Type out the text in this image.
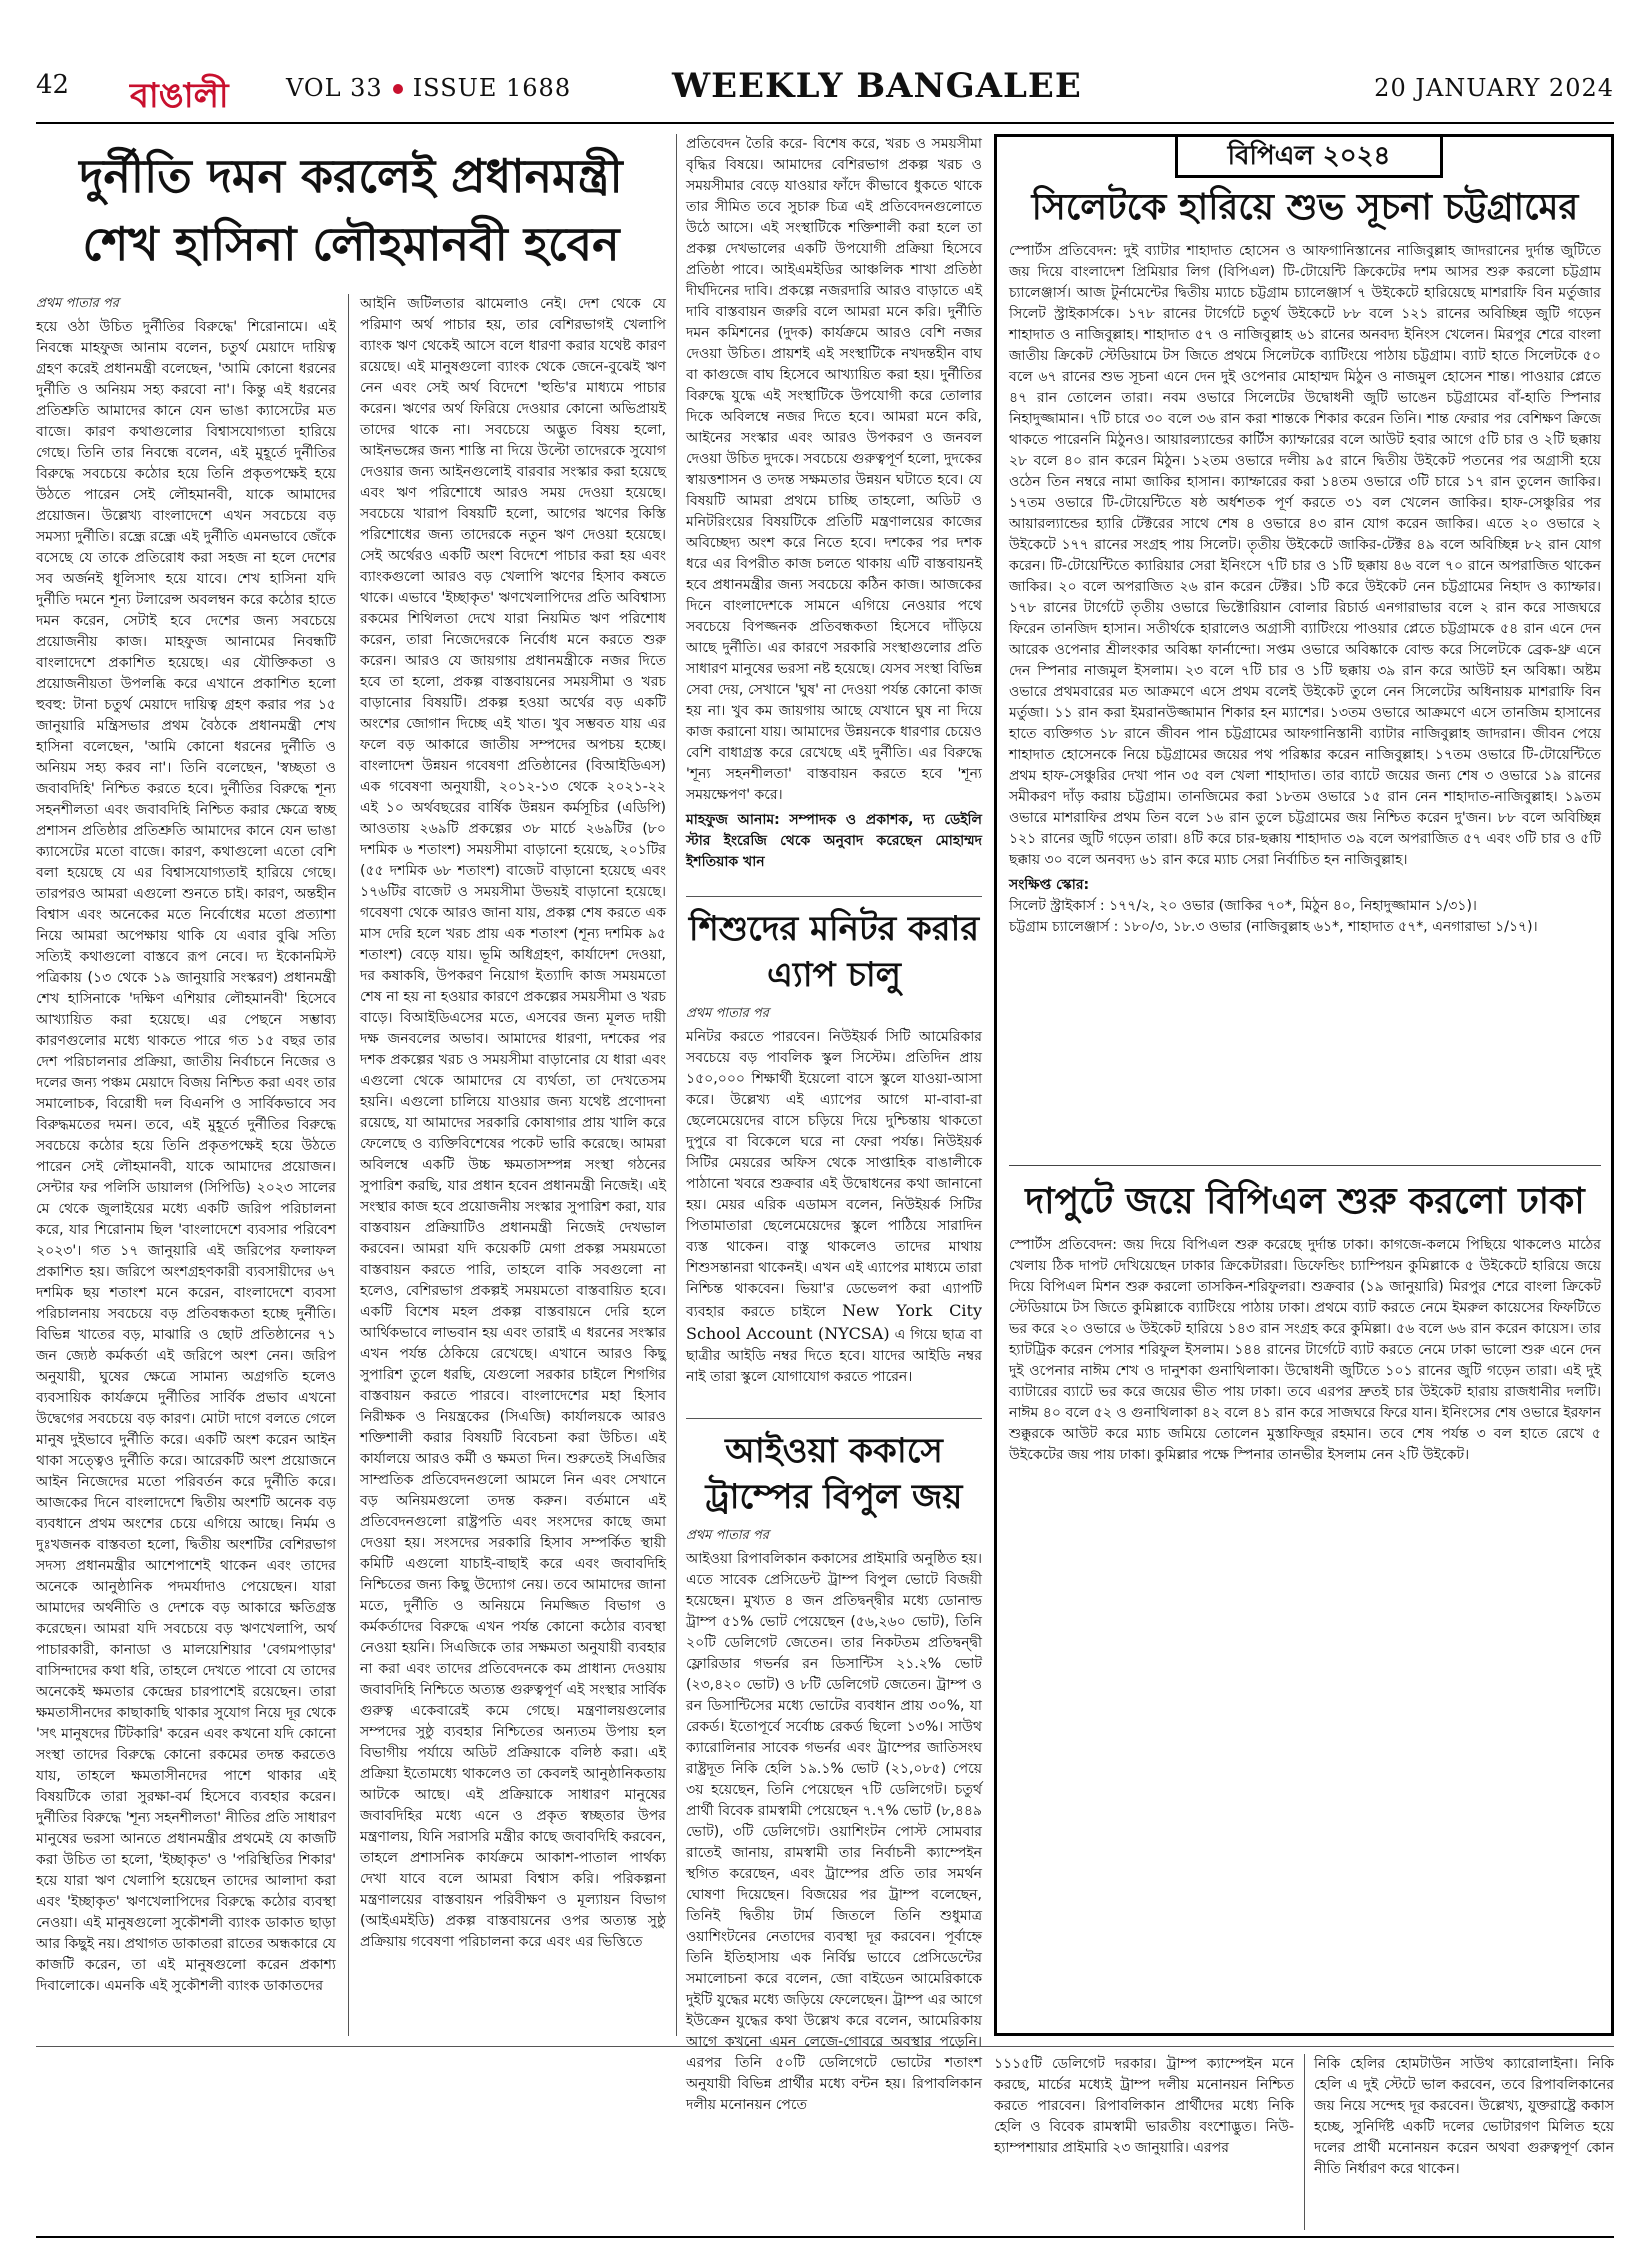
42 বাঙালী VOL 33 ISSUE 1688	WEEKLY BANGALEE	20 JANUARY 2024
দুর্নীতি দমন করলেই প্রধানমন্ত্রী শেখ হাসিনা লৌহমানবী হবেন

প্রথম পাতার পর

হয়ে ওঠা উচিত দুর্নীতির বিরুদ্ধে' শিরোনামে। এই নিবন্ধে মাহফুজ আনাম বলেন, চতুর্থ মেয়াদে দায়িত্ব গ্রহণ করেই প্রধানমন্ত্রী বলেছেন, 'আমি কোনো ধরনের দুর্নীতি ও অনিয়ম সহ্য করবো না'। কিন্তু এই ধরনের প্রতিশ্রুতি আমাদের কানে যেন ভাঙা ক্যাসেটের মত বাজে। কারণ কথাগুলোর বিশ্বাসযোগ্যতা হারিয়ে গেছে। তিনি তার নিবন্ধে বলেন, এই মুহূর্তে দুর্নীতির বিরুদ্ধে সবচেয়ে কঠোর হয়ে তিনি প্রকৃতপক্ষেই হয়ে উঠতে পারেন সেই লৌহমানবী, যাকে আমাদের প্রয়োজন। উল্লেখ্য বাংলাদেশে এখন সবচেয়ে বড় সমস্যা দুর্নীতি। রন্ধ্রে রন্ধ্রে এই দুর্নীতি এমনভাবে জেঁকে বসেছে যে তাকে প্রতিরোধ করা সহজ না হলে দেশের সব অর্জনই ধূলিসাৎ হয়ে যাবে। শেখ হাসিনা যদি দুর্নীতি দমনে শূন্য টলারেন্স অবলম্বন করে কঠোর হাতে দমন করেন, সেটাই হবে দেশের জন্য সবচেয়ে প্রয়োজনীয় কাজ। মাহফুজ আনামের নিবন্ধটি বাংলাদেশে প্রকাশিত হয়েছে। এর যৌক্তিকতা ও প্রয়োজনীয়তা উপলব্ধি করে এখানে প্রকাশিত হলো হুবহু: টানা চতুর্থ মেয়াদে দায়িত্ব গ্রহণ করার পর ১৫ জানুয়ারি মন্ত্রিসভার প্রথম বৈঠকে প্রধানমন্ত্রী শেখ হাসিনা বলেছেন, 'আমি কোনো ধরনের দুর্নীতি ও অনিয়ম সহ্য করব না'। তিনি বলেছেন, 'স্বচ্ছতা ও জবাবদিহি' নিশ্চিত করতে হবে। দুর্নীতির বিরুদ্ধে শূন্য সহনশীলতা এবং জবাবদিহি নিশ্চিত করার ক্ষেত্রে স্বচ্ছ প্রশাসন প্রতিষ্ঠার প্রতিশ্রুতি আমাদের কানে যেন ভাঙা ক্যাসেটের মতো বাজে। কারণ, কথাগুলো এতো বেশি বলা হয়েছে যে এর বিশ্বাসযোগ্যতাই হারিয়ে গেছে। তারপরও আমরা এগুলো শুনতে চাই। কারণ, অন্তহীন বিশ্বাস এবং অনেকের মতে নির্বোধের মতো প্রত্যাশা নিয়ে আমরা অপেক্ষায় থাকি যে এবার বুঝি সত্যি সত্যিই কথাগুলো বাস্তবে রূপ নেবে। দ্য ইকোনমিস্ট পত্রিকায় (১৩ থেকে ১৯ জানুয়ারি সংস্করণ) প্রধানমন্ত্রী শেখ হাসিনাকে 'দক্ষিণ এশিয়ার লৌহমানবী' হিসেবে আখ্যায়িত করা হয়েছে। এর পেছনে সম্ভাব্য কারণগুলোর মধ্যে থাকতে পারে গত ১৫ বছর তার দেশ পরিচালনার প্রক্রিয়া, জাতীয় নির্বাচনে নিজের ও দলের জন্য পঞ্চম মেয়াদে বিজয় নিশ্চিত করা এবং তার সমালোচক, বিরোধী দল বিএনপি ও সার্বিকভাবে সব বিরুদ্ধমতের দমন। তবে, এই মুহূর্তে দুর্নীতির বিরুদ্ধে সবচেয়ে কঠোর হয়ে তিনি প্রকৃতপক্ষেই হয়ে উঠতে পারেন সেই লৌহমানবী, যাকে আমাদের প্রয়োজন। সেন্টার ফর পলিসি ডায়ালগ (সিপিডি) ২০২৩ সালের মে থেকে জুলাইয়ের মধ্যে একটি জরিপ পরিচালনা করে, যার শিরোনাম ছিল 'বাংলাদেশে ব্যবসার পরিবেশ ২০২৩'। গত ১৭ জানুয়ারি এই জরিপের ফলাফল প্রকাশিত হয়। জরিপে অংশগ্রহণকারী ব্যবসায়ীদের ৬৭ দশমিক ছয় শতাংশ মনে করেন, বাংলাদেশে ব্যবসা পরিচালনায় সবচেয়ে বড় প্রতিবন্ধকতা হচ্ছে দুর্নীতি। বিভিন্ন খাতের বড়, মাঝারি ও ছোট প্রতিষ্ঠানের ৭১ জন জ্যেষ্ঠ কর্মকর্তা এই জরিপে অংশ নেন। জরিপ অনুযায়ী, ঘুষের ক্ষেত্রে সামান্য অগ্রগতি হলেও ব্যবসায়িক কার্যক্রমে দুর্নীতির সার্বিক প্রভাব এখনো উদ্বেগের সবচেয়ে বড় কারণ। মোটা দাগে বলতে গেলে মানুষ দুইভাবে দুর্নীতি করে। একটি অংশ করেন আইন থাকা সত্ত্বেও দুর্নীতি করে। আরেকটি অংশ প্রয়োজনে আইন নিজেদের মতো পরিবর্তন করে দুর্নীতি করে। আজকের দিনে বাংলাদেশে দ্বিতীয় অংশটি অনেক বড় ব্যবধানে প্রথম অংশের চেয়ে এগিয়ে আছে। নির্মম ও দুঃখজনক বাস্তবতা হলো, দ্বিতীয় অংশটির বেশিরভাগ সদস্য প্রধানমন্ত্রীর আশেপাশেই থাকেন এবং তাদের অনেকে আনুষ্ঠানিক পদমর্যাদাও পেয়েছেন। যারা আমাদের অর্থনীতি ও দেশকে বড় আকারে ক্ষতিগ্রস্ত করেছেন। আমরা যদি সবচেয়ে বড় ঋণখেলাপি, অর্থ পাচারকারী, কানাডা ও মালয়েশিয়ার 'বেগমপাড়ার' বাসিন্দাদের কথা ধরি, তাহলে দেখতে পাবো যে তাদের অনেকেই ক্ষমতার কেন্দ্রের চারপাশেই রয়েছেন। তারা ক্ষমতাসীনদের কাছাকাছি থাকার সুযোগ নিয়ে দূর থেকে 'সৎ মানুষদের টিটকারি' করেন এবং কখনো যদি কোনো সংস্থা তাদের বিরুদ্ধে কোনো রকমের তদন্ত করতেও যায়, তাহলে ক্ষমতাসীনদের পাশে থাকার এই বিষয়টিকে তারা সুরক্ষা-বর্ম হিসেবে ব্যবহার করেন। দুর্নীতির বিরুদ্ধে 'শূন্য সহনশীলতা' নীতির প্রতি সাধারণ মানুষের ভরসা আনতে প্রধানমন্ত্রীর প্রথমেই যে কাজটি করা উচিত তা হলো, 'ইচ্ছাকৃত' ও 'পরিস্থিতির শিকার' হয়ে যারা ঋণ খেলাপি হয়েছেন তাদের আলাদা করা এবং 'ইচ্ছাকৃত' ঋণখেলাপিদের বিরুদ্ধে কঠোর ব্যবস্থা নেওয়া। এই মানুষগুলো সুকৌশলী ব্যাংক ডাকাত ছাড়া আর কিছুই নয়। প্রথাগত ডাকাতরা রাতের অন্ধকারে যে কাজটি করেন, তা এই মানুষগুলো করেন প্রকাশ্য দিবালোকে। এমনকি এই সুকৌশলী ব্যাংক ডাকাতদের

আইনি জটিলতার ঝামেলাও নেই। দেশ থেকে যে পরিমাণ অর্থ পাচার হয়, তার বেশিরভাগই খেলাপি ব্যাংক ঋণ থেকেই আসে বলে ধারণা করার যথেষ্ট কারণ রয়েছে। এই মানুষগুলো ব্যাংক থেকে জেনে-বুঝেই ঋণ নেন এবং সেই অর্থ বিদেশে 'হুন্ডি'র মাধ্যমে পাচার করেন। ঋণের অর্থ ফিরিয়ে দেওয়ার কোনো অভিপ্রায়ই তাদের থাকে না। সবচেয়ে অদ্ভুত বিষয় হলো, আইনভঙ্গের জন্য শাস্তি না দিয়ে উল্টো তাদেরকে সুযোগ দেওয়ার জন্য আইনগুলোই বারবার সংস্কার করা হয়েছে এবং ঋণ পরিশোধে আরও সময় দেওয়া হয়েছে। সবচেয়ে খারাপ বিষয়টি হলো, আগের ঋণের কিস্তি পরিশোধের জন্য তাদেরকে নতুন ঋণ দেওয়া হয়েছে। সেই অর্থেরও একটি অংশ বিদেশে পাচার করা হয় এবং ব্যাংকগুলো আরও বড় খেলাপি ঋণের হিসাব কষতে থাকে। এভাবে 'ইচ্ছাকৃত' ঋণখেলাপিদের প্রতি অবিশ্বাস্য রকমের শিথিলতা দেখে যারা নিয়মিত ঋণ পরিশোধ করেন, তারা নিজেদেরকে নির্বোধ মনে করতে শুরু করেন। আরও যে জায়গায় প্রধানমন্ত্রীকে নজর দিতে হবে তা হলো, প্রকল্প বাস্তবায়নের সময়সীমা ও খরচ বাড়ানোর বিষয়টি। প্রকল্প হওয়া অর্থের বড় একটি অংশের জোগান দিচ্ছে এই খাত। খুব সম্ভবত যায় এর ফলে বড় আকারে জাতীয় সম্পদের অপচয় হচ্ছে। বাংলাদেশ উন্নয়ন গবেষণা প্রতিষ্ঠানের (বিআইডিএস) এক গবেষণা অনুযায়ী, ২০১২-১৩ থেকে ২০২১-২২ এই ১০ অর্থবছরের বার্ষিক উন্নয়ন কর্মসূচির (এডিপি) আওতায় ২৬৯টি প্রকল্পের ৩৮ মার্চে ২৬৯টির (৮০ দশমিক ৬ শতাংশ) সময়সীমা বাড়ানো হয়েছে, ২০১টির (৫৫ দশমিক ৬৮ শতাংশ) বাজেট বাড়ানো হয়েছে এবং ১৭৬টির বাজেট ও সময়সীমা উভয়ই বাড়ানো হয়েছে। গবেষণা থেকে আরও জানা যায়, প্রকল্প শেষ করতে এক মাস দেরি হলে খরচ প্রায় এক শতাংশ (শূন্য দশমিক ৯৫ শতাংশ) বেড়ে যায়। ভূমি অধিগ্রহণ, কার্যাদেশ দেওয়া, দর কষাকষি, উপকরণ নিয়োগ ইত্যাদি কাজ সময়মতো শেষ না হয় না হওয়ার কারণে প্রকল্পের সময়সীমা ও খরচ বাড়ে। বিআইডিএসের মতে, এসবের জন্য মূলত দায়ী দক্ষ জনবলের অভাব। আমাদের ধারণা, দশকের পর দশক প্রকল্পের খরচ ও সময়সীমা বাড়ানোর যে ধারা এবং এগুলো থেকে আমাদের যে ব্যর্থতা, তা দেখতেসম হয়নি। এগুলো চালিয়ে যাওয়ার জন্য যথেষ্ট প্রণোদনা রয়েছে, যা আমাদের সরকারি কোষাগার প্রায় খালি করে ফেলেছে ও ব্যক্তিবিশেষের পকেট ভারি করেছে। আমরা অবিলম্বে একটি উচ্চ ক্ষমতাসম্পন্ন সংস্থা গঠনের সুপারিশ করছি, যার প্রধান হবেন প্রধানমন্ত্রী নিজেই। এই সংস্থার কাজ হবে প্রয়োজনীয় সংস্কার সুপারিশ করা, যার বাস্তবায়ন প্রক্রিয়াটিও প্রধানমন্ত্রী নিজেই দেখভাল করবেন। আমরা যদি কয়েকটি মেগা প্রকল্প সময়মতো বাস্তবায়ন করতে পারি, তাহলে বাকি সবগুলো না হলেও, বেশিরভাগ প্রকল্পই সময়মতো বাস্তবায়িত হবে। একটি বিশেষ মহল প্রকল্প বাস্তবায়নে দেরি হলে আর্থিকভাবে লাভবান হয় এবং তারাই এ ধরনের সংস্কার এখন পর্যন্ত ঠেকিয়ে রেখেছে। এখানে আরও কিছু সুপারিশ তুলে ধরছি, যেগুলো সরকার চাইলে শিগগির বাস্তবায়ন করতে পারবে। বাংলাদেশের মহা হিসাব নিরীক্ষক ও নিয়ন্ত্রকের (সিএজি) কার্যালয়কে আরও শক্তিশালী করার বিষয়টি বিবেচনা করা উচিত। এই কার্যালয়ে আরও কর্মী ও ক্ষমতা দিন। শুরুতেই সিএজির সাম্প্রতিক প্রতিবেদনগুলো আমলে নিন এবং সেখানে বড় অনিয়মগুলো তদন্ত করুন। বর্তমানে এই প্রতিবেদনগুলো রাষ্ট্রপতি এবং সংসদের কাছে জমা দেওয়া হয়। সংসদের সরকারি হিসাব সম্পর্কিত স্থায়ী কমিটি এগুলো যাচাই-বাছাই করে এবং জবাবদিহি নিশ্চিতের জন্য কিছু উদ্যোগ নেয়। তবে আমাদের জানা মতে, দুর্নীতি ও অনিয়মে নিমজ্জিত বিভাগ ও কর্মকর্তাদের বিরুদ্ধে এখন পর্যন্ত কোনো কঠোর ব্যবস্থা নেওয়া হয়নি। সিএজিকে তার সক্ষমতা অনুযায়ী ব্যবহার না করা এবং তাদের প্রতিবেদনকে কম প্রাধান্য দেওয়ায় জবাবদিহি নিশ্চিতে অত্যন্ত গুরুত্বপূর্ণ এই সংস্থার সার্বিক গুরুত্ব একেবারেই কমে গেছে। মন্ত্রণালয়গুলোর সম্পদের সুষ্ঠু ব্যবহার নিশ্চিতের অন্যতম উপায় হল বিভাগীয় পর্যায়ে অডিট প্রক্রিয়াকে বলিষ্ঠ করা। এই প্রক্রিয়া ইতোমধ্যে থাকলেও তা কেবলই আনুষ্ঠানিকতায় আটকে আছে। এই প্রক্রিয়াকে সাধারণ মানুষের জবাবদিহির মধ্যে এনে ও প্রকৃত স্বচ্ছতার উপর মন্ত্রণালয়, যিনি সরাসরি মন্ত্রীর কাছে জবাবদিহি করবেন, তাহলে প্রশাসনিক কার্যক্রমে আকাশ-পাতাল পার্থক্য দেখা যাবে বলে আমরা বিশ্বাস করি। পরিকল্পনা মন্ত্রণালয়ের বাস্তবায়ন পরিবীক্ষণ ও মূল্যায়ন বিভাগ (আইএমইডি) প্রকল্প বাস্তবায়নের ওপর অত্যন্ত সুষ্ঠু প্রক্রিয়ায় গবেষণা পরিচালনা করে এবং এর ভিত্তিতে

প্রতিবেদন তৈরি করে- বিশেষ করে, খরচ ও সময়সীমা বৃদ্ধির বিষয়ে। আমাদের বেশিরভাগ প্রকল্প খরচ ও সময়সীমার বেড়ে যাওয়ার ফাঁদে কীভাবে ধুকতে থাকে তার সীমিত তবে সুচারু চিত্র এই প্রতিবেদনগুলোতে উঠে আসে। এই সংস্থাটিকে শক্তিশালী করা হলে তা প্রকল্প দেখভালের একটি উপযোগী প্রক্রিয়া হিসেবে প্রতিষ্ঠা পাবে। আইএমইডির আঞ্চলিক শাখা প্রতিষ্ঠা দীর্ঘদিনের দাবি। প্রকল্পে নজরদারি আরও বাড়াতে এই দাবি বাস্তবায়ন জরুরি বলে আমরা মনে করি। দুর্নীতি দমন কমিশনের (দুদক) কার্যক্রমে আরও বেশি নজর দেওয়া উচিত। প্রায়শই এই সংস্থাটিকে নখদন্তহীন বাঘ বা কাগুজে বাঘ হিসেবে আখ্যায়িত করা হয়। দুর্নীতির বিরুদ্ধে যুদ্ধে এই সংস্থাটিকে উপযোগী করে তোলার দিকে অবিলম্বে নজর দিতে হবে। আমরা মনে করি, আইনের সংস্কার এবং আরও উপকরণ ও জনবল দেওয়া উচিত দুদকে। সবচেয়ে গুরুত্বপূর্ণ হলো, দুদকের স্বায়ত্তশাসন ও তদন্ত সক্ষমতার উন্নয়ন ঘটাতে হবে। যে বিষয়টি আমরা প্রথমে চাচ্ছি তাহলো, অডিট ও মনিটরিংয়ের বিষয়টিকে প্রতিটি মন্ত্রণালয়ের কাজের অবিচ্ছেদ্য অংশ করে নিতে হবে। দশকের পর দশক ধরে এর বিপরীত কাজ চলতে থাকায় এটি বাস্তবায়নই হবে প্রধানমন্ত্রীর জন্য সবচেয়ে কঠিন কাজ। আজকের দিনে বাংলাদেশকে সামনে এগিয়ে নেওয়ার পথে সবচেয়ে বিপজ্জনক প্রতিবন্ধকতা হিসেবে দাঁড়িয়ে আছে দুর্নীতি। এর কারণে সরকারি সংস্থাগুলোর প্রতি সাধারণ মানুষের ভরসা নষ্ট হয়েছে। যেসব সংস্থা বিভিন্ন সেবা দেয়, সেখানে 'ঘুষ' না দেওয়া পর্যন্ত কোনো কাজ হয় না। খুব কম জায়গায় আছে যেখানে ঘুষ না দিয়ে কাজ করানো যায়। আমাদের উন্নয়নকে ধারণার চেয়েও বেশি বাধাগ্রস্ত করে রেখেছে এই দুর্নীতি। এর বিরুদ্ধে 'শূন্য সহনশীলতা' বাস্তবায়ন করতে হবে 'শূন্য সময়ক্ষেপণ' করে।

মাহফুজ আনাম: সম্পাদক ও প্রকাশক, দ্য ডেইলি স্টার ইংরেজি থেকে অনুবাদ করেছেন মোহাম্মদ ইশতিয়াক খান

শিশুদের মনিটর করার এ্যাপ চালু

প্রথম পাতার পর

মনিটর করতে পারবেন। নিউইয়র্ক সিটি আমেরিকার সবচেয়ে বড় পাবলিক স্কুল সিস্টেম। প্রতিদিন প্রায় ১৫০,০০০ শিক্ষার্থী ইয়েলো বাসে স্কুলে যাওয়া-আসা করে। উল্লেখ্য এই এ্যাপের আগে মা-বাবা-রা ছেলেমেয়েদের বাসে চড়িয়ে দিয়ে দুশ্চিন্তায় থাকতো দুপুরে বা বিকেলে ঘরে না ফেরা পর্যন্ত। নিউইয়র্ক সিটির মেয়রের অফিস থেকে সাপ্তাহিক বাঙালীকে পাঠানো খবরে শুক্রবার এই উদ্বোধনের কথা জানানো হয়। মেয়র এরিক এডামস বলেন, নিউইয়র্ক সিটির পিতামাতারা ছেলেমেয়েদের স্কুলে পাঠিয়ে সারাদিন ব্যস্ত থাকেন। বাস্তু থাকলেও তাদের মাথায় শিশুসন্তানরা থাকেনই। এখন এই এ্যাপের মাধ্যমে তারা নিশ্চিন্ত থাকবেন। ভিয়া'র ডেভেলপ করা এ্যাপটি ব্যবহার করতে চাইলে New York City School Account (NYCSA) এ গিয়ে ছাত্র বা ছাত্রীর আইডি নম্বর দিতে হবে। যাদের আইডি নম্বর নাই তারা স্কুলে যোগাযোগ করতে পারেন।

আইওয়া ককাসে ট্রাম্পের বিপুল জয়

প্রথম পাতার পর

আইওয়া রিপাবলিকান ককাসের প্রাইমারি অনুষ্ঠিত হয়। এতে সাবেক প্রেসিডেন্ট ট্রাম্প বিপুল ভোটে বিজয়ী হয়েছেন। মুখ্যত ৪ জন প্রতিদ্বন্দ্বীর মধ্যে ডোনাল্ড ট্রাম্প ৫১% ভোট পেয়েছেন (৫৬,২৬০ ভোট), তিনি ২০টি ডেলিগেট জেতেন। তার নিকটতম প্রতিদ্বন্দ্বী ফ্লোরিডার গভর্নর রন ডিসান্টিস ২১.২% ভোট (২৩,৪২০ ভোট) ও ৮টি ডেলিগেট জেতেন। ট্রাম্প ও রন ডিসান্টিসের মধ্যে ভোটের ব্যবধান প্রায় ৩০%, যা রেকর্ড। ইতোপূর্বে সর্বোচ্চ রেকর্ড ছিলো ১৩%। সাউথ ক্যারোলিনার সাবেক গভর্নর এবং ট্রাম্পের জাতিসংঘ রাষ্ট্রদূত নিকি হেলি ১৯.১% ভোট (২১,০৮৫) পেয়ে ৩য় হয়েছেন, তিনি পেয়েছেন ৭টি ডেলিগেট। চতুর্থ প্রার্থী বিবেক রামস্বামী পেয়েছেন ৭.৭% ভোট (৮,৪৪৯ ভোট), ৩টি ডেলিগেট। ওয়াশিংটন পোস্ট সোমবার রাতেই জানায়, রামস্বামী তার নির্বাচনী ক্যাম্পেইন স্থগিত করেছেন, এবং ট্রাম্পের প্রতি তার সমর্থন ঘোষণা দিয়েছেন। বিজয়ের পর ট্রাম্প বলেছেন, তিনিই দ্বিতীয় টার্ম জিতলে তিনি শুধুমাত্র ওয়াশিংটনের নেতাদের ব্যবস্থা দূর করবেন। পূর্বাহ্নে তিনি ইতিহাসায় এক নির্বিঘ্ন ভাবেে প্রেসিডেন্টের সমালোচনা করে বলেন, জো বাইডেন আমেরিকাকে দুইটি যুদ্ধের মধ্যে জড়িয়ে ফেলেছেন। ট্রাম্প এর আগে ইউক্রেন যুদ্ধের কথা উল্লেখ করে বলেন, আমেরিকায় আগে কখনো এমন লেজে-গোবরে অবস্থার পড়েনি। এরপর তিনি ৫০টি ডেলিগেটে ভোটের শতাংশ অনুযায়ী বিভিন্ন প্রার্থীর মধ্যে বন্টন হয়। রিপাবলিকান দলীয় মনোনয়ন পেতে

বিপিএল ২০২৪
সিলেটকে হারিয়ে শুভ সূচনা চট্টগ্রামের

স্পোর্টস প্রতিবেদন: দুই ব্যাটার শাহাদাত হোসেন ও আফগানিস্তানের নাজিবুল্লাহ জাদরানের দুর্দান্ত জুটিতে জয় দিয়ে বাংলাদেশ প্রিমিয়ার লিগ (বিপিএল) টি-টোয়েন্টি ক্রিকেটের দশম আসর শুরু করলো চট্টগ্রাম চ্যালেঞ্জার্স। আজ টুর্নামেন্টের দ্বিতীয় ম্যাচে চট্টগ্রাম চ্যালেঞ্জার্স ৭ উইকেটে হারিয়েছে মাশরাফি বিন মর্তুজার সিলেট স্ট্রাইকার্সকে। ১৭৮ রানের টার্গেটে চতুর্থ উইকেটে ৮৮ বলে ১২১ রানের অবিচ্ছিন্ন জুটি গড়েন শাহাদাত ও নাজিবুল্লাহ। শাহাদাত ৫৭ ও নাজিবুল্লাহ ৬১ রানের অনবদ্য ইনিংস খেলেন। মিরপুর শেরে বাংলা জাতীয় ক্রিকেট স্টেডিয়ামে টস জিতে প্রথমে সিলেটকে ব্যাটিংয়ে পাঠায় চট্টগ্রাম। ব্যাট হাতে সিলেটকে ৫০ বলে ৬৭ রানের শুভ সূচনা এনে দেন দুই ওপেনার মোহাম্মদ মিঠুন ও নাজমুল হোসেন শান্ত। পাওয়ার প্লেতে ৪৭ রান তোলেন তারা। নবম ওভারে সিলেটের উদ্বোধনী জুটি ভাঙেন চট্টগ্রামের বাঁ-হাতি স্পিনার নিহাদুজ্জামান। ৭টি চারে ৩০ বলে ৩৬ রান করা শান্তকে শিকার করেন তিনি। শান্ত ফেরার পর বেশিক্ষণ ক্রিজে থাকতে পারেননি মিঠুনও। আয়ারল্যান্ডের কার্টিস ক্যাম্ফারের বলে আউট হবার আগে ৫টি চার ও ২টি ছক্কায় ২৮ বলে ৪০ রান করেন মিঠুন। ১২তম ওভারে দলীয় ৯৫ রানে দ্বিতীয় উইকেট পতনের পর অগ্রাসী হয়ে ওঠেন তিন নম্বরে নামা জাকির হাসান। ক্যাম্ফারের করা ১৪তম ওভারে ৩টি চারে ১৭ রান তুলেন জাকির। ১৭তম ওভারে টি-টোয়েন্টিতে ষষ্ঠ অর্ধশতক পূর্ণ করতে ৩১ বল খেলেন জাকির। হাফ-সেঞ্চুরির পর আয়ারল্যান্ডের হ্যারি টেক্টরের সাথে শেষ ৪ ওভারে ৪৩ রান যোগ করেন জাকির। এতে ২০ ওভারে ২ উইকেটে ১৭৭ রানের সংগ্রহ পায় সিলেট। তৃতীয় উইকেটে জাকির-টেক্টর ৪৯ বলে অবিচ্ছিন্ন ৮২ রান যোগ করেন। টি-টোয়েন্টিতে ক্যারিয়ার সেরা ইনিংসে ৭টি চার ও ১টি ছক্কায় ৪৬ বলে ৭০ রানে অপরাজিত থাকেন জাকির। ২০ বলে অপরাজিত ২৬ রান করেন টেক্টর। ১টি করে উইকেট নেন চট্টগ্রামের নিহাদ ও ক্যাম্ফার। ১৭৮ রানের টার্গেটে তৃতীয় ওভারে ভিক্টোরিয়ান বোলার রিচার্ড এনগারাভার বলে ২ রান করে সাজঘরে ফিরেন তানজিদ হাসান। সতীর্থকে হারালেও অগ্রাসী ব্যাটিংয়ে পাওয়ার প্লেতে চট্টগ্রামকে ৫৪ রান এনে দেন আরেক ওপেনার শ্রীলংকার অবিষ্কা ফার্নান্দো। সপ্তম ওভারে অবিষ্কাকে বোল্ড করে সিলেটকে ব্রেক-থ্রু এনে দেন স্পিনার নাজমুল ইসলাম। ২৩ বলে ৭টি চার ও ১টি ছক্কায় ৩৯ রান করে আউট হন অবিষ্কা। অষ্টম ওভারে প্রথমবারের মত আক্রমণে এসে প্রথম বলেই উইকেট তুলে নেন সিলেটের অধিনায়ক মাশরাফি বিন মর্তুজা। ১১ রান করা ইমরানউজ্জামান শিকার হন ম্যাশের। ১৩তম ওভারে আক্রমণে এসে তানজিম হাসানের হাতে ব্যক্তিগত ১৮ রানে জীবন পান চট্টগ্রামের আফগানিস্তানী ব্যাটার নাজিবুল্লাহ জাদরান। জীবন পেয়ে শাহাদাত হোসেনকে নিয়ে চট্টগ্রামের জয়ের পথ পরিষ্কার করেন নাজিবুল্লাহ। ১৭তম ওভারে টি-টোয়েন্টিতে প্রথম হাফ-সেঞ্চুরির দেখা পান ৩৫ বল খেলা শাহাদাত। তার ব্যাটে জয়ের জন্য শেষ ৩ ওভারে ১৯ রানের সমীকরণ দাঁড় করায় চট্টগ্রাম। তানজিমের করা ১৮তম ওভারে ১৫ রান নেন শাহাদাত-নাজিবুল্লাহ। ১৯তম ওভারে মাশরাফির প্রথম তিন বলে ১৬ রান তুলে চট্টগ্রামের জয় নিশ্চিত করেন দু'জন। ৮৮ বলে অবিচ্ছিন্ন ১২১ রানের জুটি গড়েন তারা। ৪টি করে চার-ছক্কায় শাহাদাত ৩৯ বলে অপরাজিত ৫৭ এবং ৩টি চার ও ৫টি ছক্কায় ৩০ বলে অনবদ্য ৬১ রান করে ম্যাচ সেরা নির্বাচিত হন নাজিবুল্লাহ।

সংক্ষিপ্ত স্কোর:

সিলেট স্ট্রাইকার্স : ১৭৭/২, ২০ ওভার (জাকির ৭০*, মিঠুন ৪০, নিহাদুজ্জামান ১/৩১)।

চট্টগ্রাম চ্যালেঞ্জার্স : ১৮০/৩, ১৮.৩ ওভার (নাজিবুল্লাহ ৬১*, শাহাদাত ৫৭*, এনগারাভা ১/১৭)।

দাপুটে জয়ে বিপিএল শুরু করলো ঢাকা

স্পোর্টস প্রতিবেদন: জয় দিয়ে বিপিএল শুরু করেছে দুর্দান্ত ঢাকা। কাগজে-কলমে পিছিয়ে থাকলেও মাঠের খেলায় ঠিক দাপট দেখিয়েছেন ঢাকার ক্রিকেটাররা। ডিফেন্ডিং চ্যাম্পিয়ন কুমিল্লাকে ৫ উইকেটে হারিয়ে জয়ে দিয়ে বিপিএল মিশন শুরু করলো তাসকিন-শরিফুলরা। শুক্রবার (১৯ জানুয়ারি) মিরপুর শেরে বাংলা ক্রিকেট স্টেডিয়ামে টস জিতে কুমিল্লাকে ব্যাটিংয়ে পাঠায় ঢাকা। প্রথমে ব্যাট করতে নেমে ইমরুল কায়েসের ফিফটিতে ভর করে ২০ ওভারে ৬ উইকেট হারিয়ে ১৪৩ রান সংগ্রহ করে কুমিল্লা। ৫৬ বলে ৬৬ রান করেন কায়েস। তার হ্যাটট্রিক করেন পেসার শরিফুল ইসলাম। ১৪৪ রানের টার্গেটে ব্যাট করতে নেমে ঢাকা ভালো শুরু এনে দেন দুই ওপেনার নাঈম শেখ ও দানুশকা গুনাথিলাকা। উদ্বোধনী জুটিতে ১০১ রানের জুটি গড়েন তারা। এই দুই ব্যাটারের ব্যাটে ভর করে জয়ের ভীত পায় ঢাকা। তবে এরপর দ্রুতই চার উইকেট হারায় রাজধানীর দলটি। নাঈম ৪০ বলে ৫২ ও গুনাথিলাকা ৪২ বলে ৪১ রান করে সাজঘরে ফিরে যান। ইনিংসের শেষ ওভারে ইরফান শুক্কুরকে আউট করে ম্যাচ জমিয়ে তোলেন মুস্তাফিজুর রহমান। তবে শেষ পর্যন্ত ৩ বল হাতে রেখে ৫ উইকেটের জয় পায় ঢাকা। কুমিল্লার পক্ষে স্পিনার তানভীর ইসলাম নেন ২টি উইকেট।

১১১৫টি ডেলিগেট দরকার। ট্রাম্প ক্যাম্পেইন মনে করছে, মার্চের মধ্যেই ট্রাম্প দলীয় মনোনয়ন নিশ্চিত করতে পারবেন। রিপাবলিকান প্রার্থীদের মধ্যে নিকি হেলি ও বিবেক রামস্বামী ভারতীয় বংশোদ্ভুত। নিউ-হ্যাম্পশায়ার প্রাইমারি ২৩ জানুয়ারি। এরপর

নিকি হেলির হোমটাউন সাউথ ক্যারোলাইনা। নিকি হেলি এ দুই স্টেটে ভাল করবেন, তবে রিপাবলিকানের জয় নিয়ে সন্দেহ দূর করবেন। উল্লেখ্য, যুক্তরাষ্ট্রে ককাস হচ্ছে, সুনির্দিষ্ট একটি দলের ভোটারগণ মিলিত হয়ে দলের প্রার্থী মনোনয়ন করেন অথবা গুরুত্বপূর্ণ কোন নীতি নির্ধারণ করে থাকেন।
